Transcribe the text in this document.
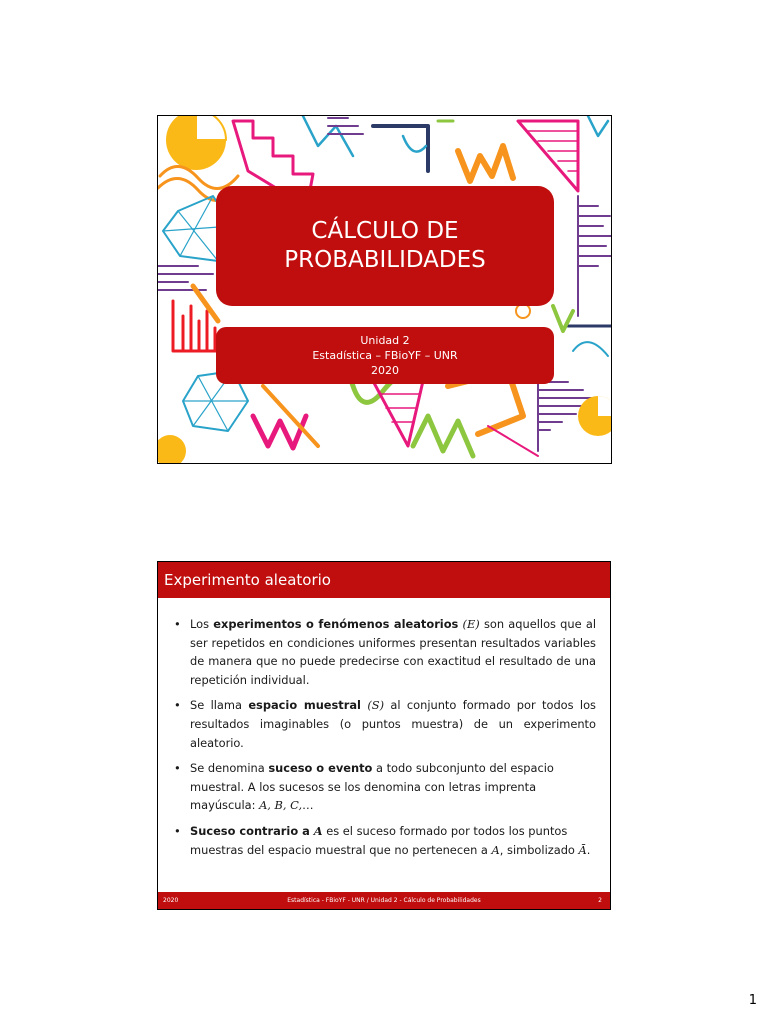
CÁLCULO DE
PROBABILIDADES
Unidad 2
Estadística – FBioYF – UNR
2020
Experimento aleatorio
• Los experimentos o fenómenos aleatorios (E) son aquellos que al ser repetidos en condiciones uniformes presentan resultados variables de manera que no puede predecirse con exactitud el resultado de una repetición individual.
• Se llama espacio muestral (S) al conjunto formado por todos los resultados imaginables (o puntos muestra) de un experimento aleatorio.
• Se denomina suceso o evento a todo subconjunto del espacio muestral. A los sucesos se los denomina con letras imprenta mayúscula: A, B, C,…
• Suceso contrario a A es el suceso formado por todos los puntos muestras del espacio muestral que no pertenecen a A, simbolizado Ā.
2020	Estadística - FBioYF - UNR / Unidad 2 - Cálculo de Probabilidades	2
1
